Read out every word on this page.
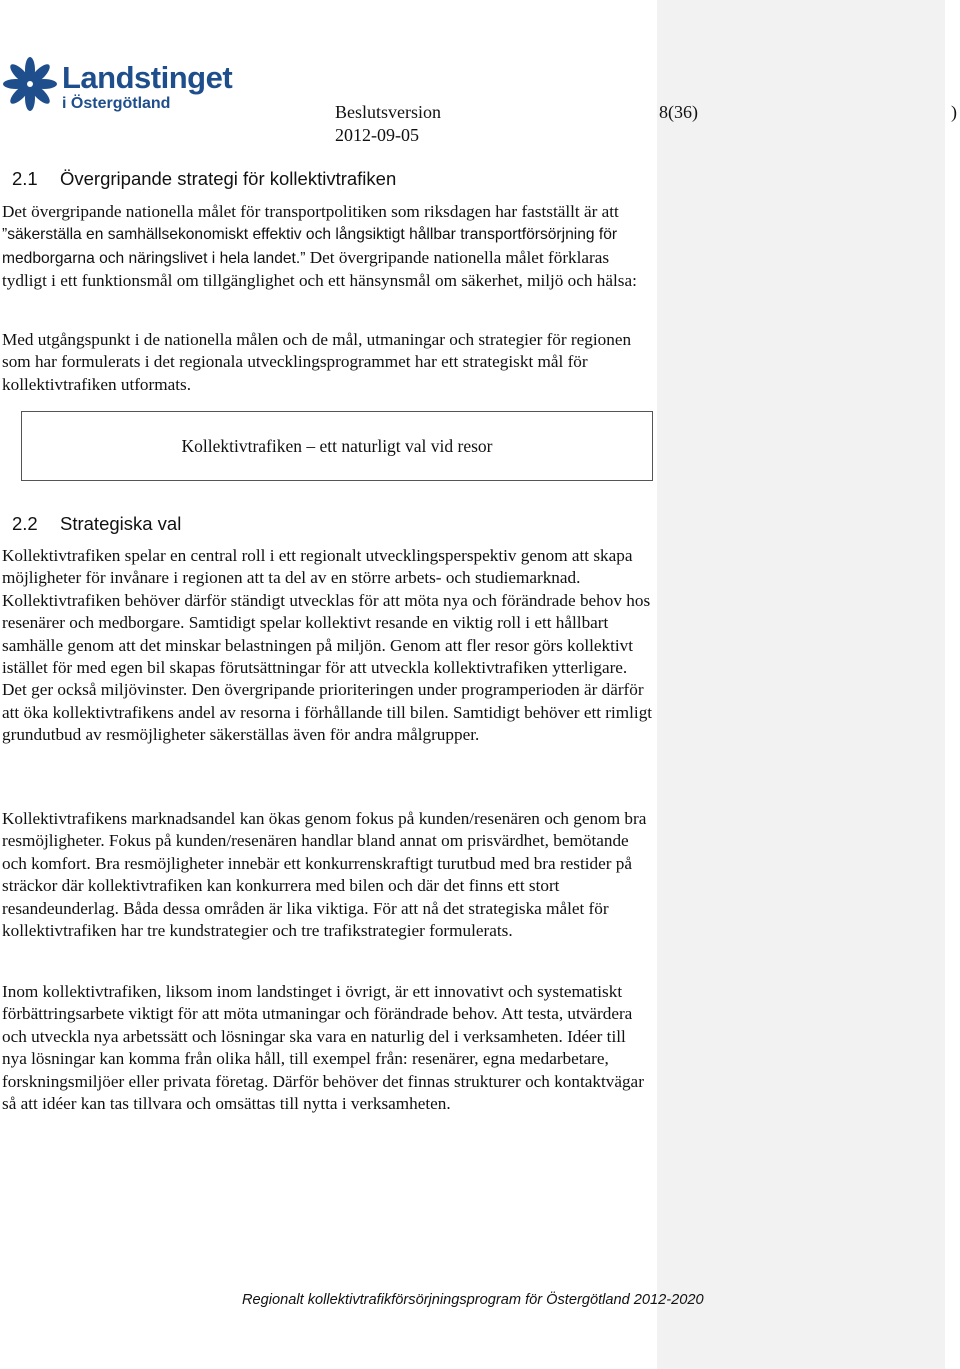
Landstinget
i Östergötland	Beslutsversion
2012-09-05
8(36)	)
2.1 Övergripande strategi för kollektivtrafiken

Det övergripande nationella målet för transportpolitiken som riksdagen har fastställt är att ”säkerställa en samhällsekonomiskt effektiv och långsiktigt hållbar transportförsörjning för medborgarna och näringslivet i hela landet.” Det övergripande nationella målet förklaras tydligt i ett funktionsmål om tillgänglighet och ett hänsynsmål om säkerhet, miljö och hälsa:

Med utgångspunkt i de nationella målen och de mål, utmaningar och strategier för regionen som har formulerats i det regionala utvecklingsprogrammet har ett strategiskt mål för kollektivtrafiken utformats.

Kollektivtrafiken – ett naturligt val vid resor
2.2 Strategiska val

Kollektivtrafiken spelar en central roll i ett regionalt utvecklingsperspektiv genom att skapa möjligheter för invånare i regionen att ta del av en större arbets- och studiemarknad. Kollektivtrafiken behöver därför ständigt utvecklas för att möta nya och förändrade behov hos resenärer och medborgare. Samtidigt spelar kollektivt resande en viktig roll i ett hållbart samhälle genom att det minskar belastningen på miljön. Genom att fler resor görs kollektivt istället för med egen bil skapas förutsättningar för att utveckla kollektivtrafiken ytterligare. Det ger också miljövinster. Den övergripande prioriteringen under programperioden är därför att öka kollektivtrafikens andel av resorna i förhållande till bilen. Samtidigt behöver ett rimligt grundutbud av resmöjligheter säkerställas även för andra målgrupper.

Kollektivtrafikens marknadsandel kan ökas genom fokus på kunden/resenären och genom bra resmöjligheter. Fokus på kunden/resenären handlar bland annat om prisvärdhet, bemötande och komfort. Bra resmöjligheter innebär ett konkurrenskraftigt turutbud med bra restider på sträckor där kollektivtrafiken kan konkurrera med bilen och där det finns ett stort resandeunderlag. Båda dessa områden är lika viktiga. För att nå det strategiska målet för kollektivtrafiken har tre kundstrategier och tre trafikstrategier formulerats.

Inom kollektivtrafiken, liksom inom landstinget i övrigt, är ett innovativt och systematiskt förbättringsarbete viktigt för att möta utmaningar och förändrade behov. Att testa, utvärdera och utveckla nya arbetssätt och lösningar ska vara en naturlig del i verksamheten. Idéer till nya lösningar kan komma från olika håll, till exempel från: resenärer, egna medarbetare, forskningsmiljöer eller privata företag. Därför behöver det finnas strukturer och kontaktvägar så att idéer kan tas tillvara och omsättas till nytta i verksamheten.

Regionalt kollektivtrafikförsörjningsprogram för Östergötland 2012-2020
